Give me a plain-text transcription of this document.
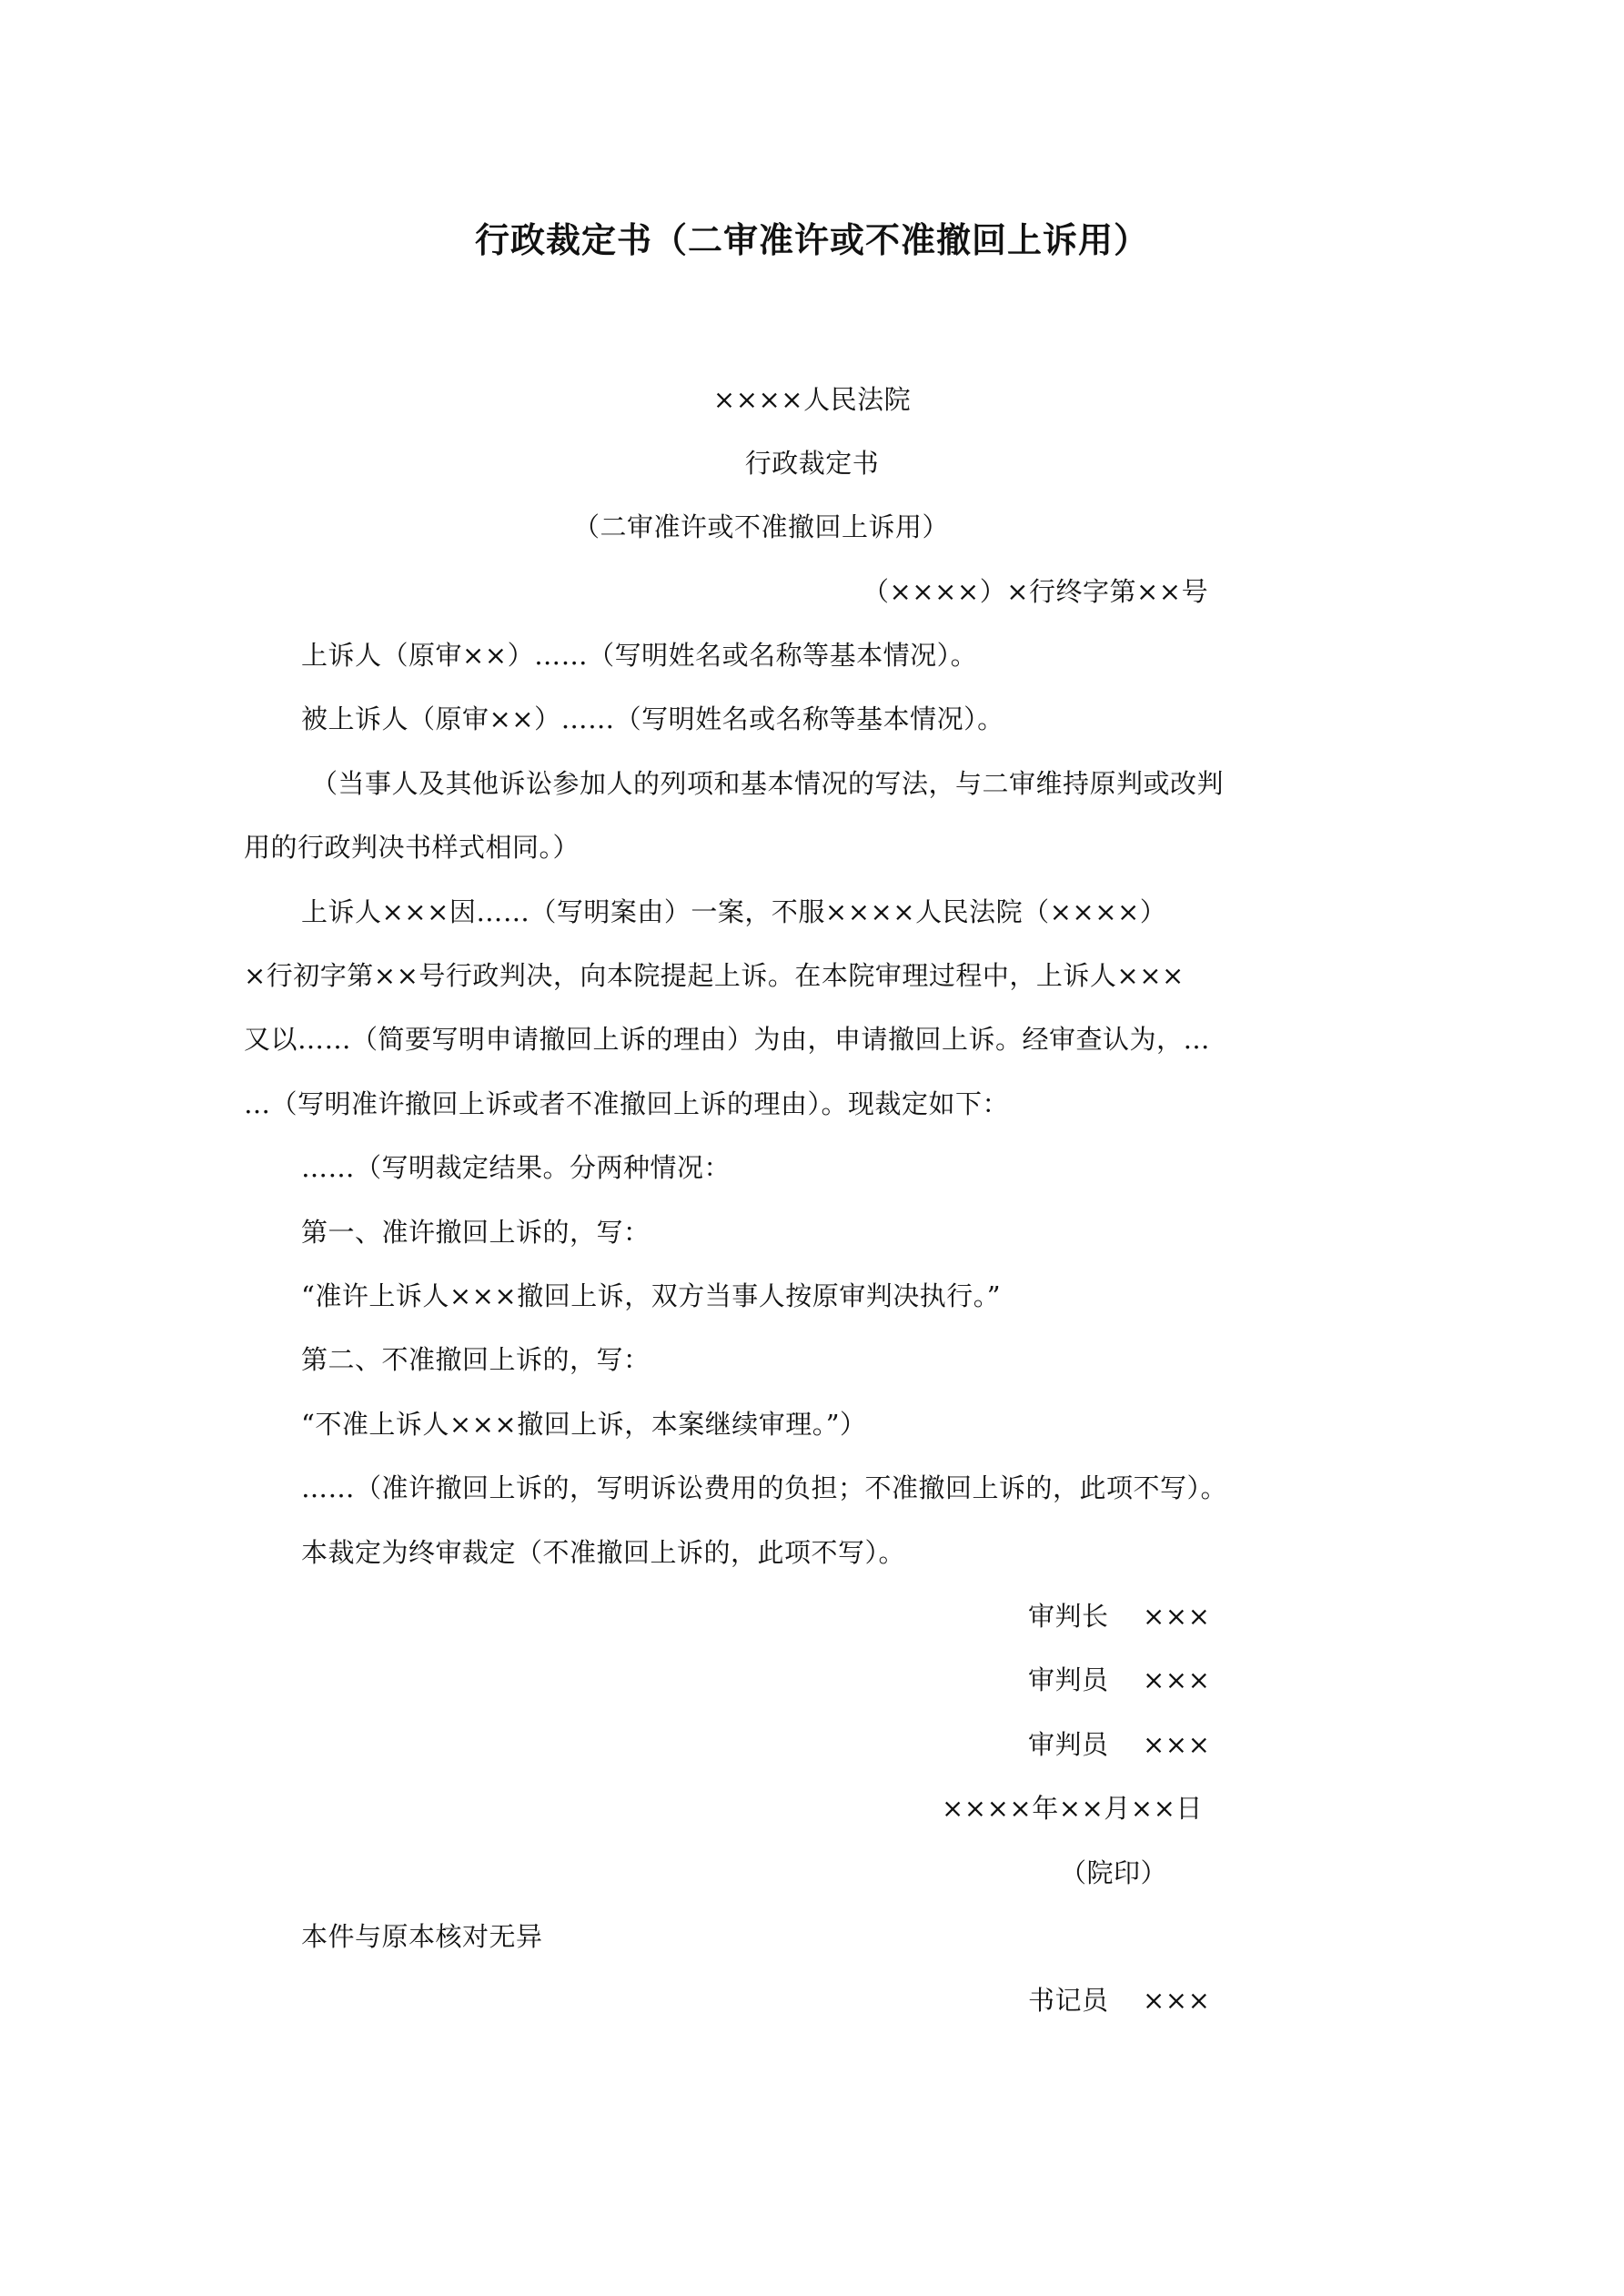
行政裁定书（二审准许或不准撤回上诉用）
××××人民法院
行政裁定书
（二审准许或不准撤回上诉用）
（××××）×行终字第××号
上诉人（原审××）……（写明姓名或名称等基本情况）。
被上诉人（原审××）……（写明姓名或名称等基本情况）。
（当事人及其他诉讼参加人的列项和基本情况的写法，与二审维持原判或改判
用的行政判决书样式相同。）
上诉人×××因……（写明案由）一案，不服××××人民法院（××××）
×行初字第××号行政判决，向本院提起上诉。在本院审理过程中，上诉人×××
又以……（简要写明申请撤回上诉的理由）为由，申请撤回上诉。经审查认为，…
…（写明准许撤回上诉或者不准撤回上诉的理由）。现裁定如下：
……（写明裁定结果。分两种情况：
第一、准许撤回上诉的，写：
“准许上诉人×××撤回上诉，双方当事人按原审判决执行。”
第二、不准撤回上诉的，写：
“不准上诉人×××撤回上诉，本案继续审理。”）
……（准许撤回上诉的，写明诉讼费用的负担；不准撤回上诉的，此项不写）。
本裁定为终审裁定（不准撤回上诉的，此项不写）。
审判长 ×××
审判员 ×××
审判员 ×××
××××年××月××日
（院印）
本件与原本核对无异
书记员 ×××
